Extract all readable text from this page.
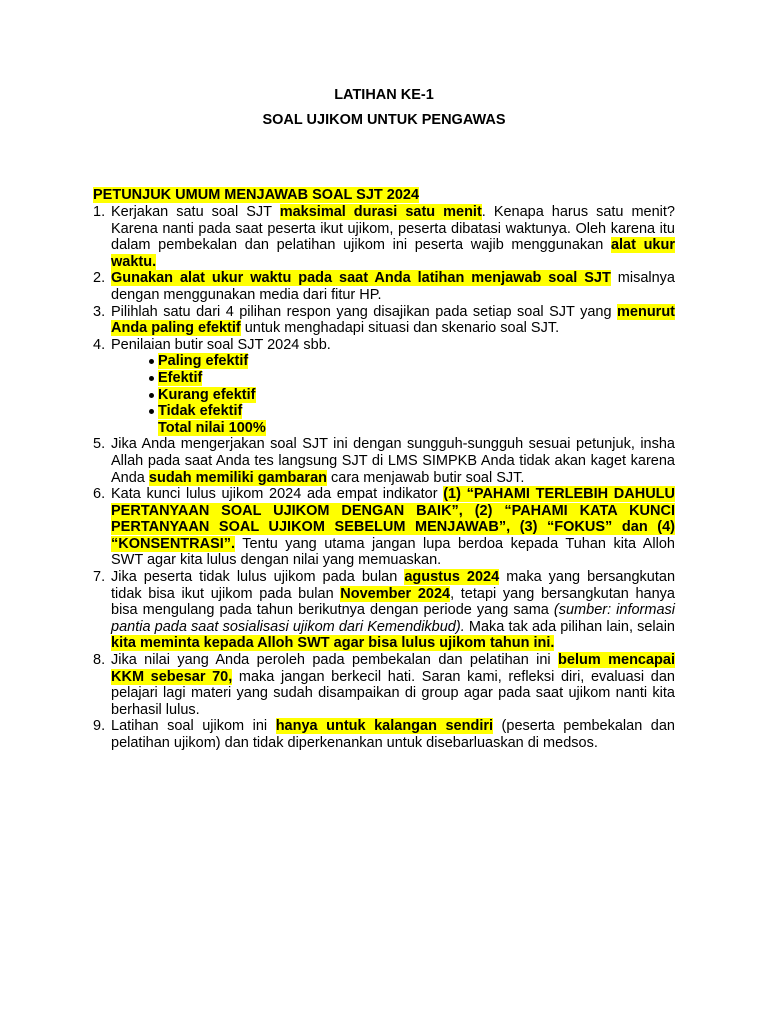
LATIHAN KE-1
SOAL UJIKOM UNTUK PENGAWAS
PETUNJUK UMUM MENJAWAB SOAL SJT 2024
1. Kerjakan satu soal SJT maksimal durasi satu menit. Kenapa harus satu menit? Karena nanti pada saat peserta ikut ujikom, peserta dibatasi waktunya. Oleh karena itu dalam pembekalan dan pelatihan ujikom ini peserta wajib menggunakan alat ukur waktu.
2. Gunakan alat ukur waktu pada saat Anda latihan menjawab soal SJT misalnya dengan menggunakan media dari fitur HP.
3. Pilihlah satu dari 4 pilihan respon yang disajikan pada setiap soal SJT yang menurut Anda paling efektif untuk menghadapi situasi dan skenario soal SJT.
4. Penilaian butir soal SJT 2024 sbb.
Paling efektif
Efektif
Kurang efektif
Tidak efektif
Total nilai 100%
5. Jika Anda mengerjakan soal SJT ini dengan sungguh-sungguh sesuai petunjuk, insha Allah pada saat Anda tes langsung SJT di LMS SIMPKB Anda tidak akan kaget karena Anda sudah memiliki gambaran cara menjawab butir soal SJT.
6. Kata kunci lulus ujikom 2024 ada empat indikator (1) “PAHAMI TERLEBIH DAHULU PERTANYAAN SOAL UJIKOM DENGAN BAIK”, (2) “PAHAMI KATA KUNCI PERTANYAAN SOAL UJIKOM SEBELUM MENJAWAB”, (3) “FOKUS” dan (4) “KONSENTRASI”. Tentu yang utama jangan lupa berdoa kepada Tuhan kita Alloh SWT agar kita lulus dengan nilai yang memuaskan.
7. Jika peserta tidak lulus ujikom pada bulan agustus 2024 maka yang bersangkutan tidak bisa ikut ujikom pada bulan November 2024, tetapi yang bersangkutan hanya bisa mengulang pada tahun berikutnya dengan periode yang sama (sumber: informasi pantia pada saat sosialisasi ujikom dari Kemendikbud). Maka tak ada pilihan lain, selain kita meminta kepada Alloh SWT agar bisa lulus ujikom tahun ini.
8. Jika nilai yang Anda peroleh pada pembekalan dan pelatihan ini belum mencapai KKM sebesar 70, maka jangan berkecil hati. Saran kami, refleksi diri, evaluasi dan pelajari lagi materi yang sudah disampaikan di group agar pada saat ujikom nanti kita berhasil lulus.
9. Latihan soal ujikom ini hanya untuk kalangan sendiri (peserta pembekalan dan pelatihan ujikom) dan tidak diperkenankan untuk disebarluaskan di medsos.
